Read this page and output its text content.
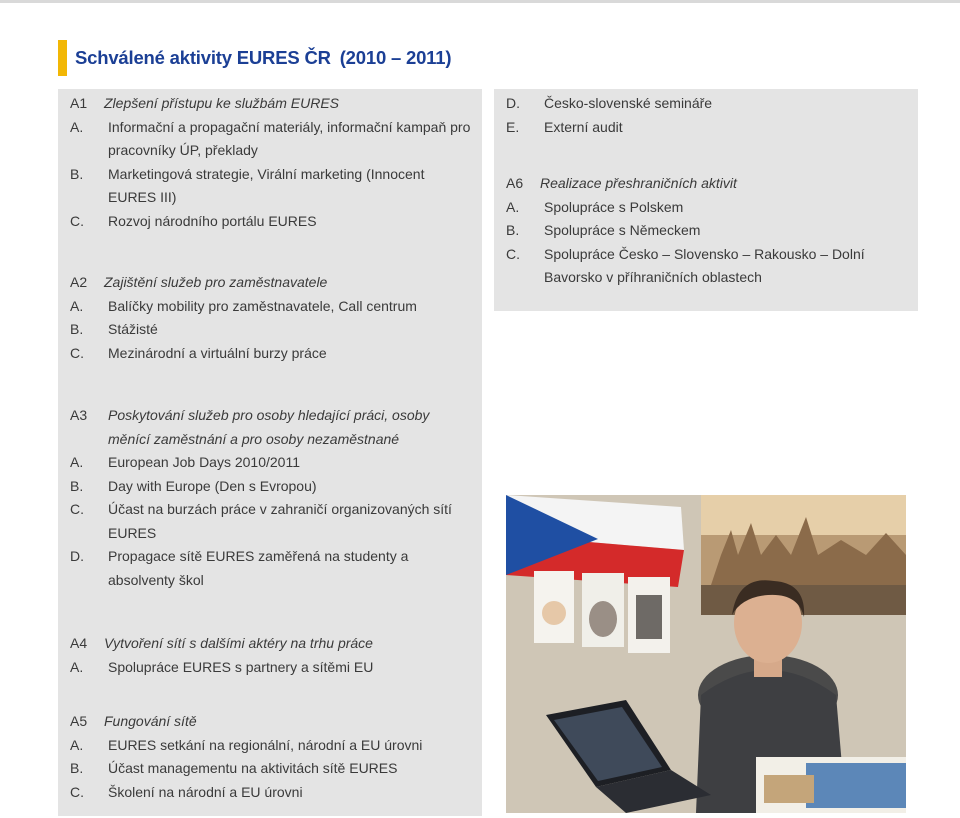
Schválené aktivity EURES ČR (2010 – 2011)
A1	Zlepšení přístupu ke službám EURES
A.	Informační a propagační materiály, informační kampaň pro pracovníky ÚP, překlady
B.	Marketingová strategie, Virální marketing (Innocent EURES III)
C.	Rozvoj národního portálu EURES
A2	Zajištění služeb pro zaměstnavatele
A.	Balíčky mobility pro zaměstnavatele, Call centrum
B.	Stážisté
C.	Mezinárodní a virtuální burzy práce
A3	Poskytování služeb pro osoby hledající práci, osoby měnící zaměstnání a pro osoby nezaměstnané
A.	European Job Days 2010/2011
B.	Day with Europe (Den s Evropou)
C.	Účast na burzách práce v zahraničí organizovaných sítí EURES
D.	Propagace sítě EURES zaměřená na studenty a absolventy škol
A4	Vytvoření sítí s dalšími aktéry na trhu práce
A.	Spolupráce EURES s partnery a sítěmi EU
A5	Fungování sítě
A.	EURES setkání na regionální, národní a EU úrovni
B.	Účast managementu na aktivitách sítě EURES
C.	Školení na národní a EU úrovni
D.	Česko-slovenské semináře
E.	Externí audit
A6	Realizace přeshraničních aktivit
A.	Spolupráce s Polskem
B.	Spolupráce s Německem
C.	Spolupráce Česko – Slovensko – Rakousko – Dolní Bavorsko v příhraničních oblastech
